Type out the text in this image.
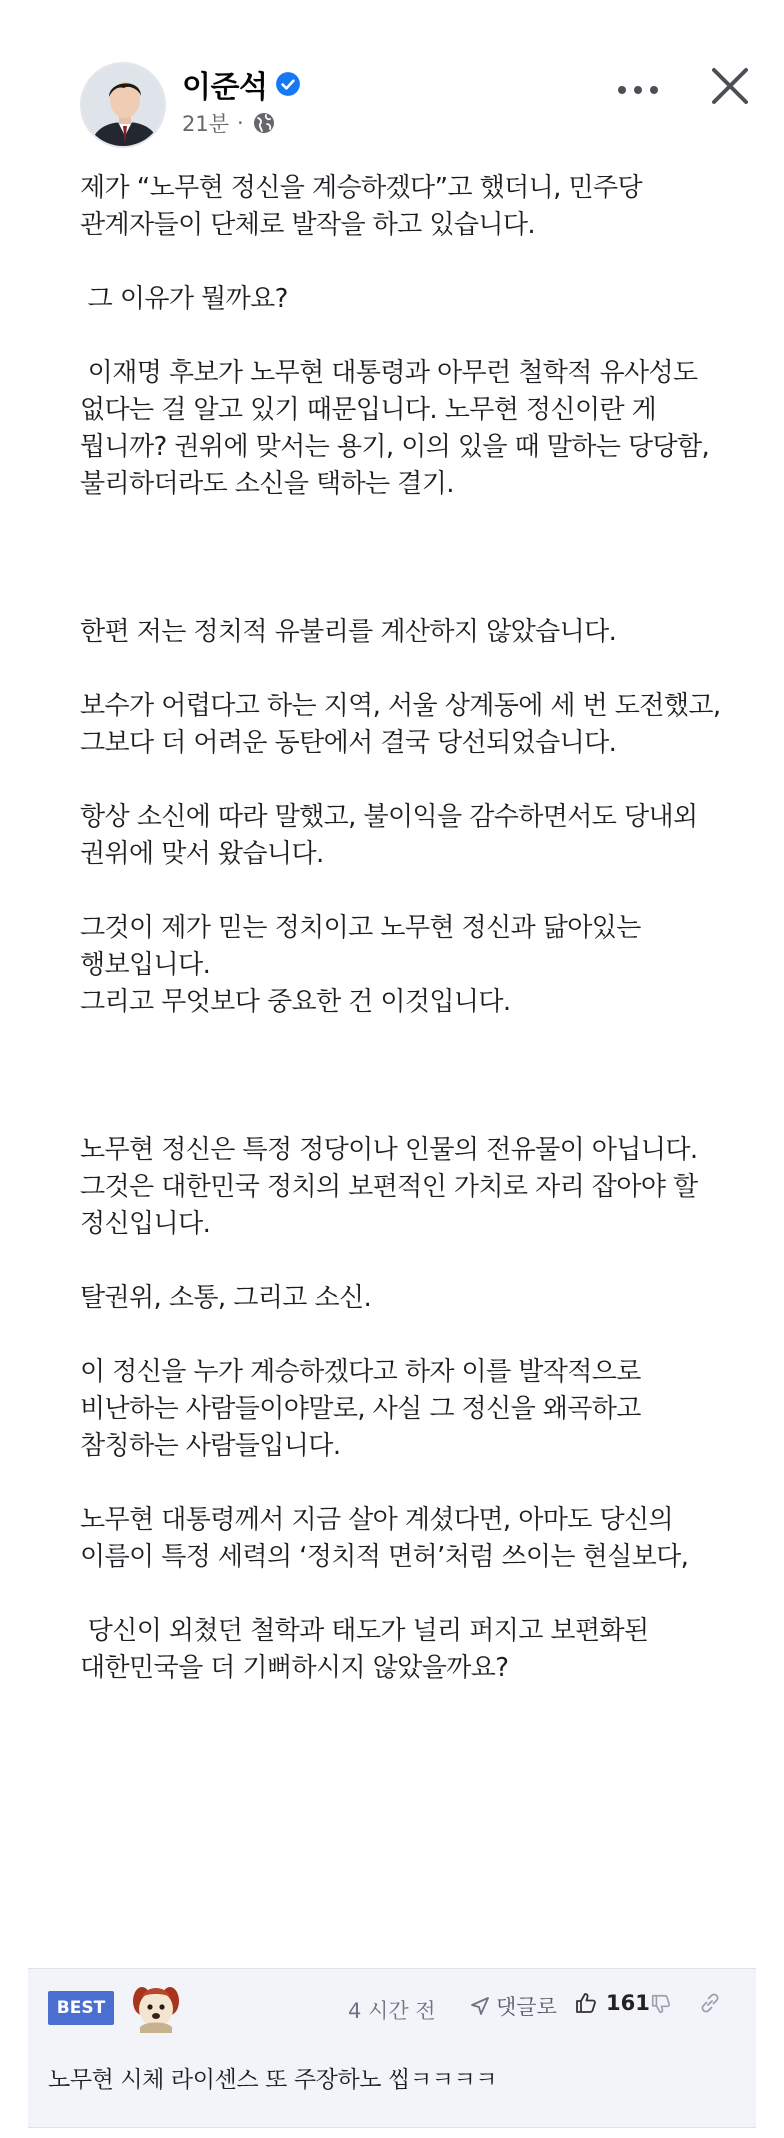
이준석
21분 ·

제가 “노무현 정신을 계승하겠다”고 했더니, 민주당
관계자들이 단체로 발작을 하고 있습니다.

그 이유가 뭘까요?

이재명 후보가 노무현 대통령과 아무런 철학적 유사성도
없다는 걸 알고 있기 때문입니다. 노무현 정신이란 게
뭡니까? 권위에 맞서는 용기, 이의 있을 때 말하는 당당함,
불리하더라도 소신을 택하는 결기.

한편 저는 정치적 유불리를 계산하지 않았습니다.

보수가 어렵다고 하는 지역, 서울 상계동에 세 번 도전했고,
그보다 더 어려운 동탄에서 결국 당선되었습니다.

항상 소신에 따라 말했고, 불이익을 감수하면서도 당내외
권위에 맞서 왔습니다.

그것이 제가 믿는 정치이고 노무현 정신과 닮아있는
행보입니다.
그리고 무엇보다 중요한 건 이것입니다.

노무현 정신은 특정 정당이나 인물의 전유물이 아닙니다.
그것은 대한민국 정치의 보편적인 가치로 자리 잡아야 할
정신입니다.

탈권위, 소통, 그리고 소신.

이 정신을 누가 계승하겠다고 하자 이를 발작적으로
비난하는 사람들이야말로, 사실 그 정신을 왜곡하고
참칭하는 사람들입니다.

노무현 대통령께서 지금 살아 계셨다면, 아마도 당신의
이름이 특정 세력의 ‘정치적 면허’처럼 쓰이는 현실보다,

당신이 외쳤던 철학과 태도가 널리 퍼지고 보편화된
대한민국을 더 기뻐하시지 않았을까요?

BEST	4 시간 전	댓글로 161
노무현 시체 라이센스 또 주장하노 씹ㅋㅋㅋㅋ
